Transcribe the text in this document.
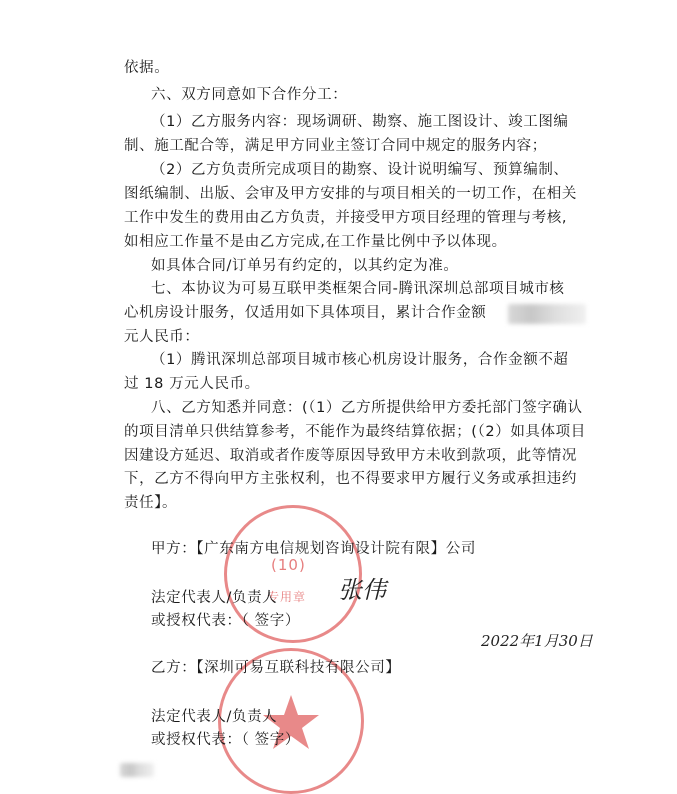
依据。
六、双方同意如下合作分工：
（1）乙方服务内容：现场调研、勘察、施工图设计、竣工图编
制、施工配合等，满足甲方同业主签订合同中规定的服务内容；
（2）乙方负责所完成项目的勘察、设计说明编写、预算编制、
图纸编制、出版、会审及甲方安排的与项目相关的一切工作，在相关
工作中发生的费用由乙方负责，并接受甲方项目经理的管理与考核,
如相应工作量不是由乙方完成,在工作量比例中予以体现。
如具体合同/订单另有约定的，以其约定为准。
七、本协议为可易互联甲类框架合同-腾讯深圳总部项目城市核
心机房设计服务，仅适用如下具体项目，累计合作金额
元人民币：
（1）腾讯深圳总部项目城市核心机房设计服务，合作金额不超
过 18 万元人民币。
八、乙方知悉并同意：(（1）乙方所提供给甲方委托部门签字确认
的项目清单只供结算参考，不能作为最终结算依据；(（2）如具体项目
因建设方延迟、取消或者作废等原因导致甲方未收到款项，此等情况
下，乙方不得向甲方主张权利，也不得要求甲方履行义务或承担违约
责任】。
(10)
专用章
甲方：【广东南方电信规划咨询设计院有限】公司
法定代表人/负责人	张伟
或授权代表：（ 签字）
2022年1月30日
乙方：【深圳可易互联科技有限公司】
法定代表人/负责人
或授权代表：（ 签字）
